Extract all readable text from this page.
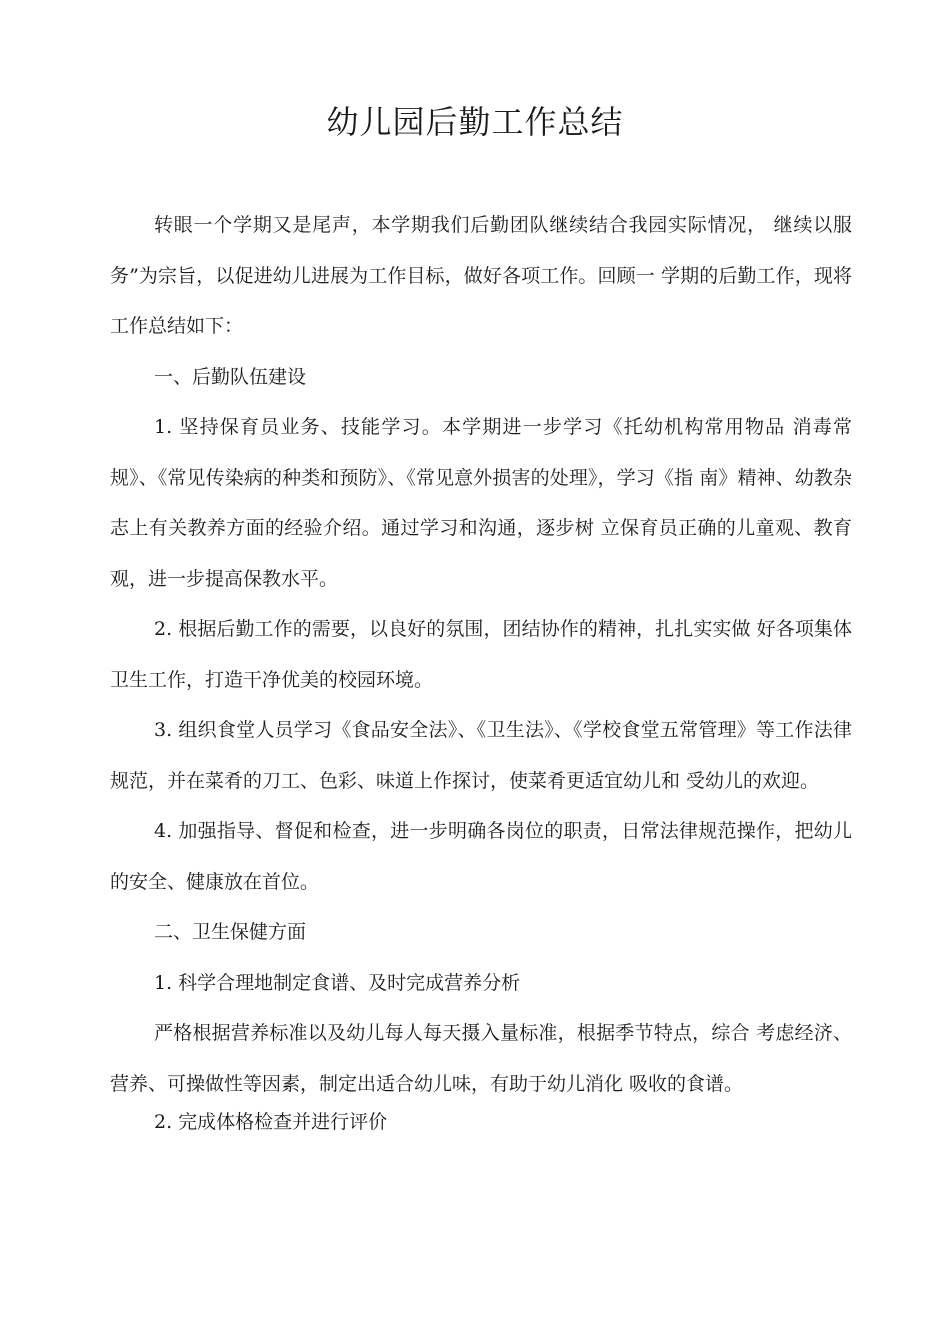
幼儿园后勤工作总结

转眼一个学期又是尾声，本学期我们后勤团队继续结合我园实际情况， 继续以服务”为宗旨，以促进幼儿进展为工作目标，做好各项工作。回顾一 学期的后勤工作，现将工作总结如下：

一、后勤队伍建设

1. 坚持保育员业务、技能学习。本学期进一步学习《托幼机构常用物品 消毒常规》、《常见传染病的种类和预防》、《常见意外损害的处理》，学习《指 南》精神、幼教杂志上有关教养方面的经验介绍。通过学习和沟通，逐步树 立保育员正确的儿童观、教育观，进一步提高保教水平。

2. 根据后勤工作的需要，以良好的氛围，团结协作的精神，扎扎实实做 好各项集体卫生工作，打造干净优美的校园环境。

3. 组织食堂人员学习《食品安全法》、《卫生法》、《学校食堂五常管理》等工作法律规范，并在菜肴的刀工、色彩、味道上作探讨，使菜肴更适宜幼儿和 受幼儿的欢迎。

4. 加强指导、督促和检查，进一步明确各岗位的职责，日常法律规范操作，把幼儿的安全、健康放在首位。

二、卫生保健方面

1. 科学合理地制定食谱、及时完成营养分析

严格根据营养标准以及幼儿每人每天摄入量标准，根据季节特点，综合 考虑经济、营养、可操做性等因素，制定出适合幼儿味，有助于幼儿消化 吸收的食谱。

2. 完成体格检查并进行评价
